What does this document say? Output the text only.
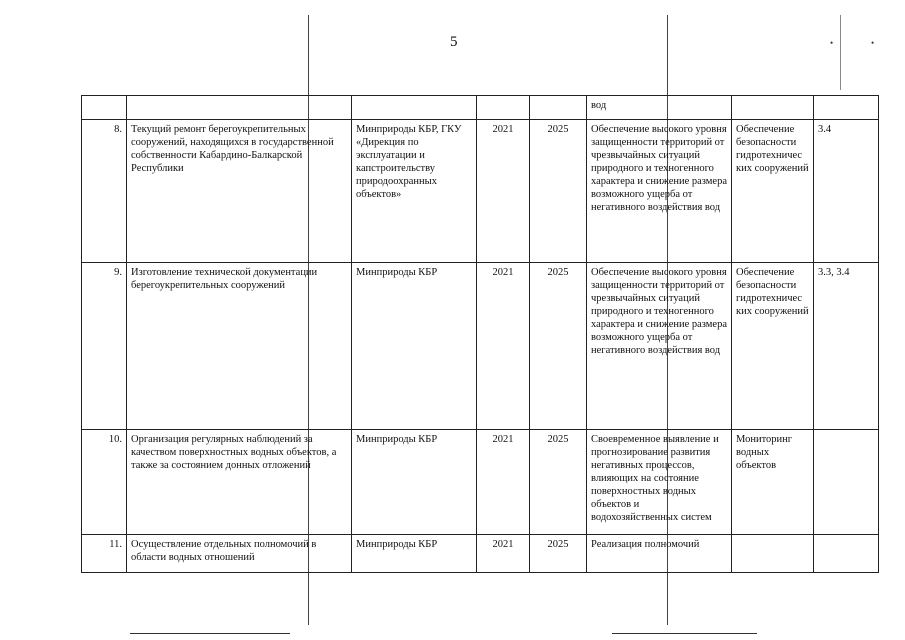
5	•	•
					вод		
8.	Текущий ремонт берегоукрепительных сооружений, находящихся в государственной собственности Кабардино-Балкарской Республики	Минприроды КБР, ГКУ «Дирекция по эксплуатации и капстроительству природоохранных объектов»	2021	2025	Обеспечение высокого уровня защищенности территорий от чрезвычайных ситуаций природного и техногенного характера и снижение размера возможного ущерба от негативного воздействия вод	Обеспечение безопасности гидротехничес ких сооружений	3.4
9.	Изготовление технической документации берегоукрепительных сооружений	Минприроды КБР	2021	2025	Обеспечение высокого уровня защищенности территорий от чрезвычайных ситуаций природного и техногенного характера и снижение размера возможного ущерба от негативного воздействия вод	Обеспечение безопасности гидротехничес ких сооружений	3.3, 3.4
10.	Организация регулярных наблюдений за качеством поверхностных водных объектов, а также за состоянием донных отложений	Минприроды КБР	2021	2025	Своевременное выявление и прогнозирование развития негативных процессов, влияющих на состояние поверхностных водных объектов и водохозяйственных систем	Мониторинг водных объектов	
11.	Осуществление отдельных полномочий в области водных отношений	Минприроды КБР	2021	2025	Реализация полномочий		
